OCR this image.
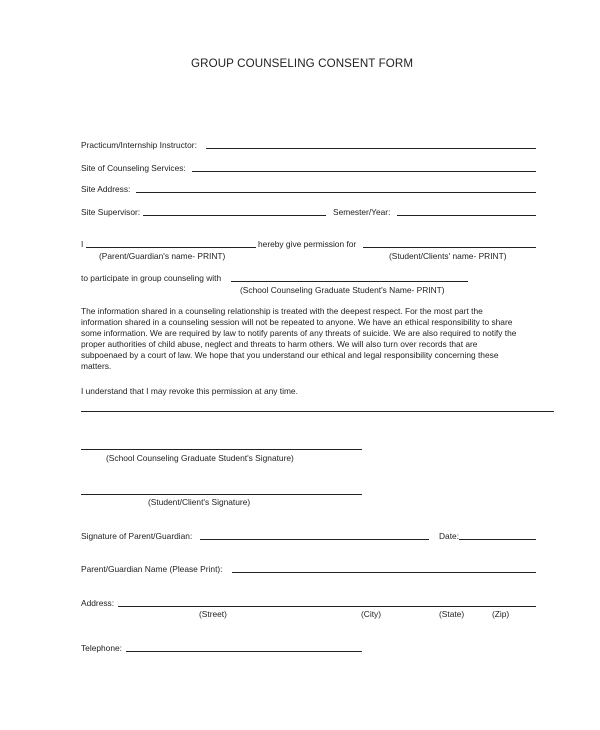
GROUP COUNSELING CONSENT FORM
Practicum/Internship Instructor:
Site of Counseling Services:
Site Address:
Site Supervisor:	Semester/Year:
I	hereby give permission for
(Parent/Guardian's name- PRINT)	(Student/Clients' name- PRINT)
to participate in group counseling with
(School Counseling Graduate Student's Name- PRINT)
The information shared in a counseling relationship is treated with the deepest respect. For the most part the
information shared in a counseling session will not be repeated to anyone. We have an ethical responsibility to share
some information. We are required by law to notify parents of any threats of suicide. We are also required to notify the
proper authorities of child abuse, neglect and threats to harm others. We will also turn over records that are
subpoenaed by a court of law. We hope that you understand our ethical and legal responsibility concerning these
matters.
I understand that I may revoke this permission at any time.
(School Counseling Graduate Student's Signature)
(Student/Client's Signature)
Signature of Parent/Guardian:	Date:
Parent/Guardian Name (Please Print):
Address:
(Street)	(City)	(State)	(Zip)
Telephone:
